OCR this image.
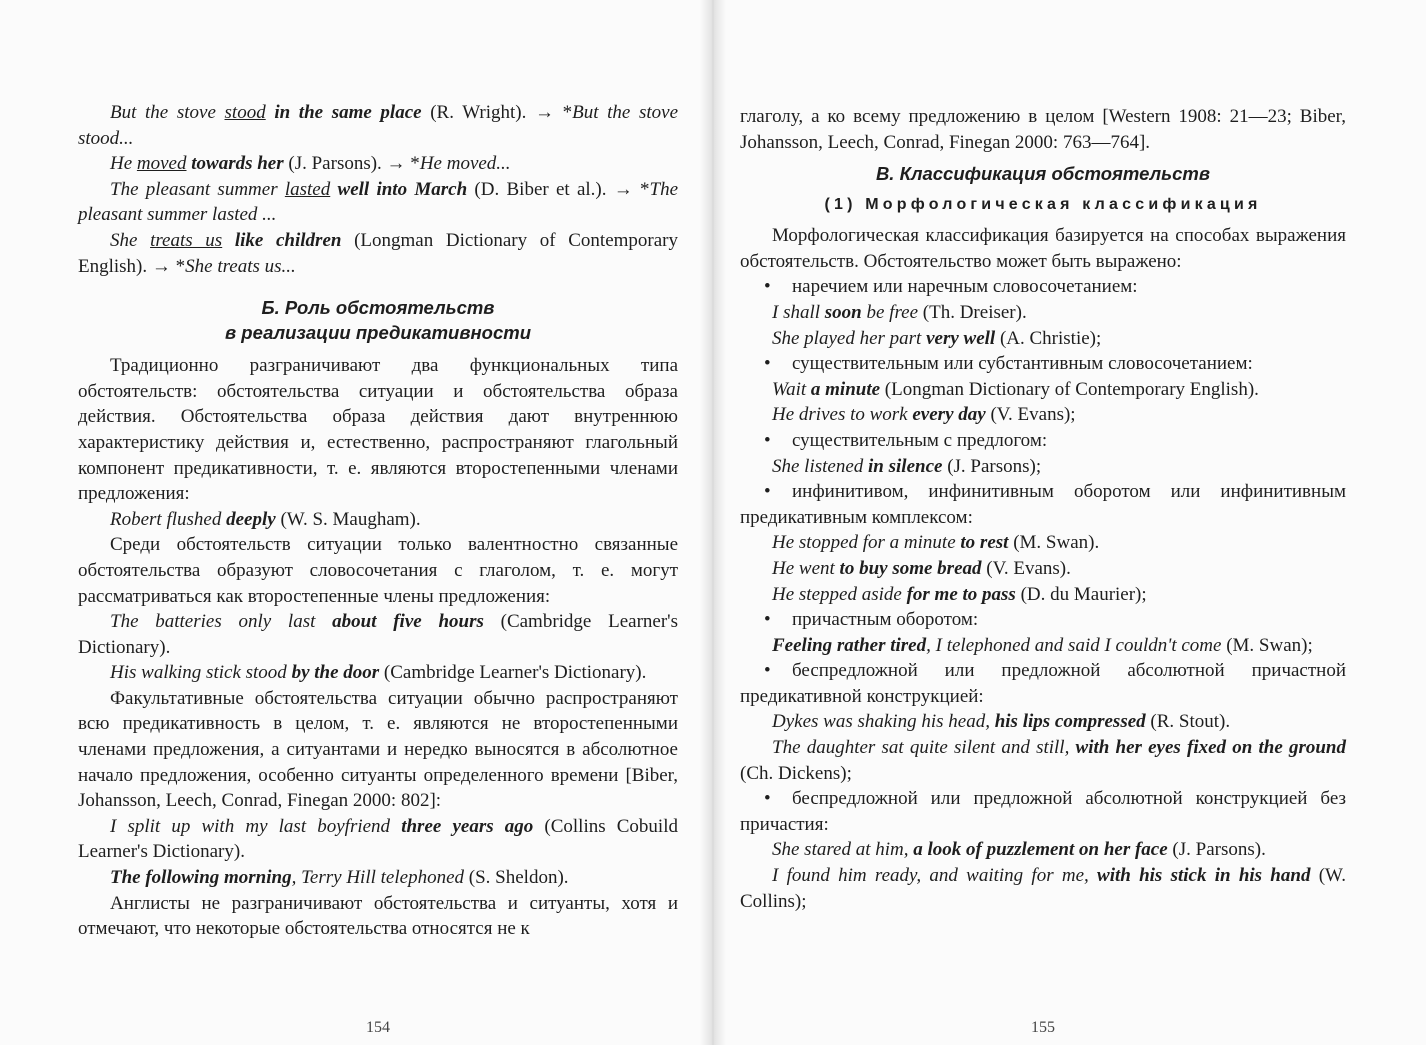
But the stove stood in the same place (R. Wright). → *But the stove stood...

He moved towards her (J. Parsons). → *He moved...

The pleasant summer lasted well into March (D. Biber et al.). → *The pleasant summer lasted ...

She treats us like children (Longman Dictionary of Contemporary English). → *She treats us...

Б. Роль обстоятельств
в реализации предикативности

Традиционно разграничивают два функциональных типа обстоятельств: обстоятельства ситуации и обстоятельства образа действия. Обстоятельства образа действия дают внутреннюю характеристику действия и, естественно, распространяют глагольный компонент предикативности, т. е. являются второстепенными членами предложения:

Robert flushed deeply (W. S. Maugham).

Среди обстоятельств ситуации только валентностно связанные обстоятельства образуют словосочетания с глаголом, т. е. могут рассматриваться как второстепенные члены предложения:

The batteries only last about five hours (Cambridge Learner's Dictionary).

His walking stick stood by the door (Cambridge Learner's Dictionary).

Факультативные обстоятельства ситуации обычно распространяют всю предикативность в целом, т. е. являются не второстепенными членами предложения, а ситуантами и нередко выносятся в абсолютное начало предложения, особенно ситуанты определенного времени [Biber, Johansson, Leech, Conrad, Finegan 2000: 802]:

I split up with my last boyfriend three years ago (Collins Cobuild Learner's Dictionary).

The following morning, Terry Hill telephoned (S. Sheldon).

Англисты не разграничивают обстоятельства и ситуанты, хотя и отмечают, что некоторые обстоятельства относятся не к

154

глаголу, а ко всему предложению в целом [Western 1908: 21—23; Biber, Johansson, Leech, Conrad, Finegan 2000: 763—764].

В. Классификация обстоятельств
(1) Морфологическая классификация

Морфологическая классификация базируется на способах выражения обстоятельств. Обстоятельство может быть выражено:

• наречием или наречным словосочетанием:

I shall soon be free (Th. Dreiser).

She played her part very well (A. Christie);

• существительным или субстантивным словосочетанием:

Wait a minute (Longman Dictionary of Contemporary English).

He drives to work every day (V. Evans);

• существительным с предлогом:

She listened in silence (J. Parsons);

• инфинитивом, инфинитивным оборотом или инфинитивным предикативным комплексом:

He stopped for a minute to rest (M. Swan).

He went to buy some bread (V. Evans).

He stepped aside for me to pass (D. du Maurier);

• причастным оборотом:

Feeling rather tired, I telephoned and said I couldn't come (M. Swan);

• беспредложной или предложной абсолютной причастной предикативной конструкцией:

Dykes was shaking his head, his lips compressed (R. Stout).

The daughter sat quite silent and still, with her eyes fixed on the ground (Ch. Dickens);

• беспредложной или предложной абсолютной конструкцией без причастия:

She stared at him, a look of puzzlement on her face (J. Parsons).

I found him ready, and waiting for me, with his stick in his hand (W. Collins);

155
